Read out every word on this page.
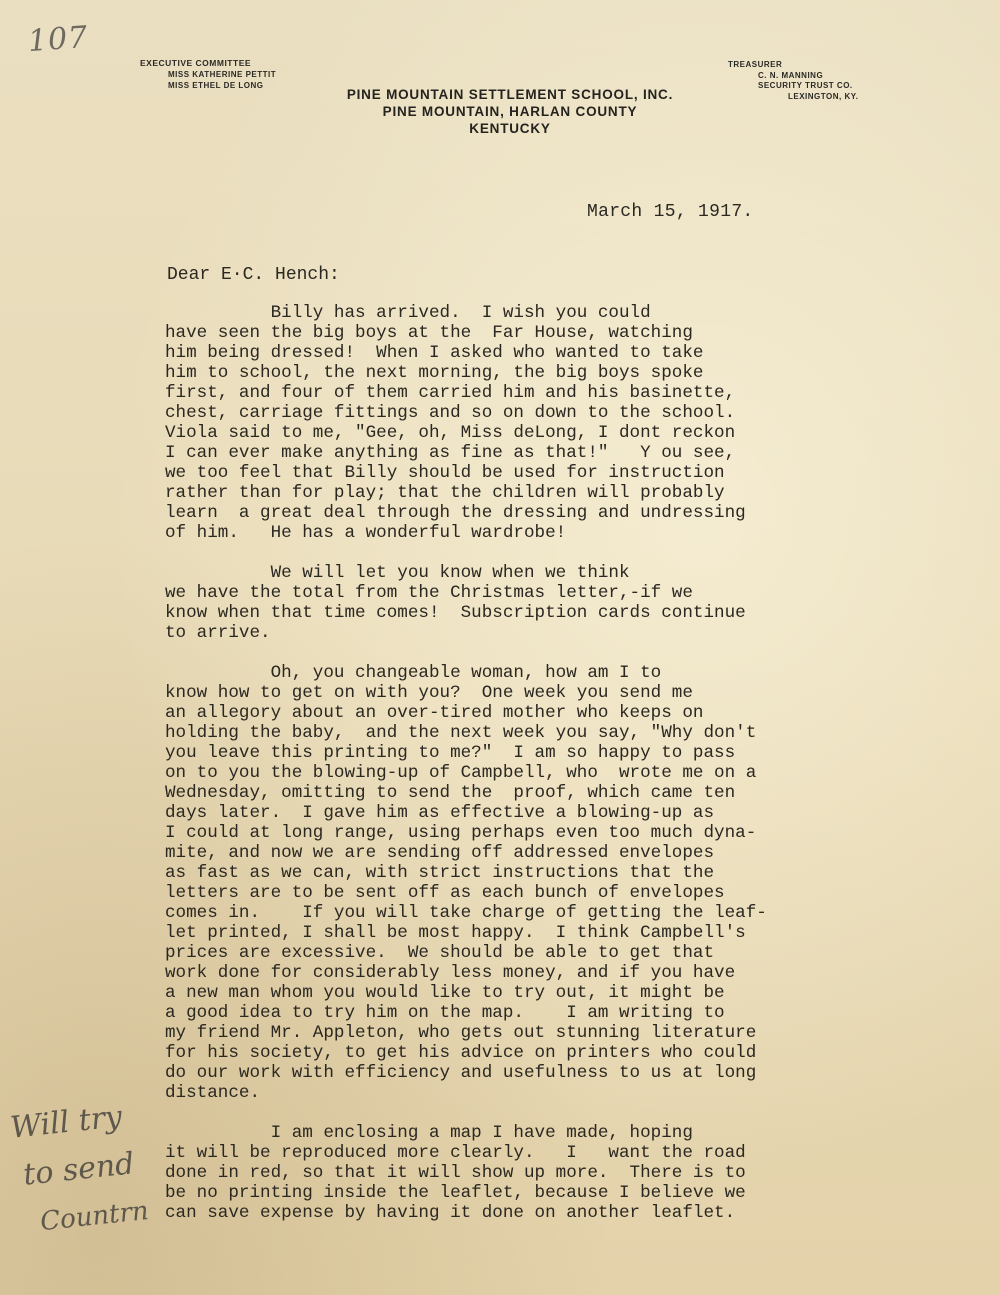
107
EXECUTIVE COMMITTEE
MISS KATHERINE PETTIT
MISS ETHEL DE LONG
PINE MOUNTAIN SETTLEMENT SCHOOL, INC.
PINE MOUNTAIN, HARLAN COUNTY
KENTUCKY
TREASURER
C. N. MANNING
SECURITY TRUST CO.
LEXINGTON, KY.
March 15, 1917.
Dear E·C. Hench:
Billy has arrived.  I wish you could
have seen the big boys at the  Far House, watching
him being dressed!  When I asked who wanted to take
him to school, the next morning, the big boys spoke
first, and four of them carried him and his basinette,
chest, carriage fittings and so on down to the school.
Viola said to me, "Gee, oh, Miss deLong, I dont reckon
I can ever make anything as fine as that!"   Y ou see,
we too feel that Billy should be used for instruction
rather than for play; that the children will probably
learn  a great deal through the dressing and undressing
of him.   He has a wonderful wardrobe!
We will let you know when we think
we have the total from the Christmas letter,-if we
know when that time comes!  Subscription cards continue
to arrive.
Oh, you changeable woman, how am I to
know how to get on with you?  One week you send me
an allegory about an over-tired mother who keeps on
holding the baby,  and the next week you say, "Why don't
you leave this printing to me?"  I am so happy to pass
on to you the blowing-up of Campbell, who  wrote me on a
Wednesday, omitting to send the  proof, which came ten
days later.  I gave him as effective a blowing-up as
I could at long range, using perhaps even too much dyna-
mite, and now we are sending off addressed envelopes
as fast as we can, with strict instructions that the
letters are to be sent off as each bunch of envelopes
comes in.    If you will take charge of getting the leaf-
let printed, I shall be most happy.  I think Campbell's
prices are excessive.  We should be able to get that
work done for considerably less money, and if you have
a new man whom you would like to try out, it might be
a good idea to try him on the map.    I am writing to
my friend Mr. Appleton, who gets out stunning literature
for his society, to get his advice on printers who could
do our work with efficiency and usefulness to us at long
distance.
I am enclosing a map I have made, hoping
it will be reproduced more clearly.   I   want the road
done in red, so that it will show up more.  There is to
be no printing inside the leaflet, because I believe we
can save expense by having it done on another leaflet.
Will try
to send
Countrn
